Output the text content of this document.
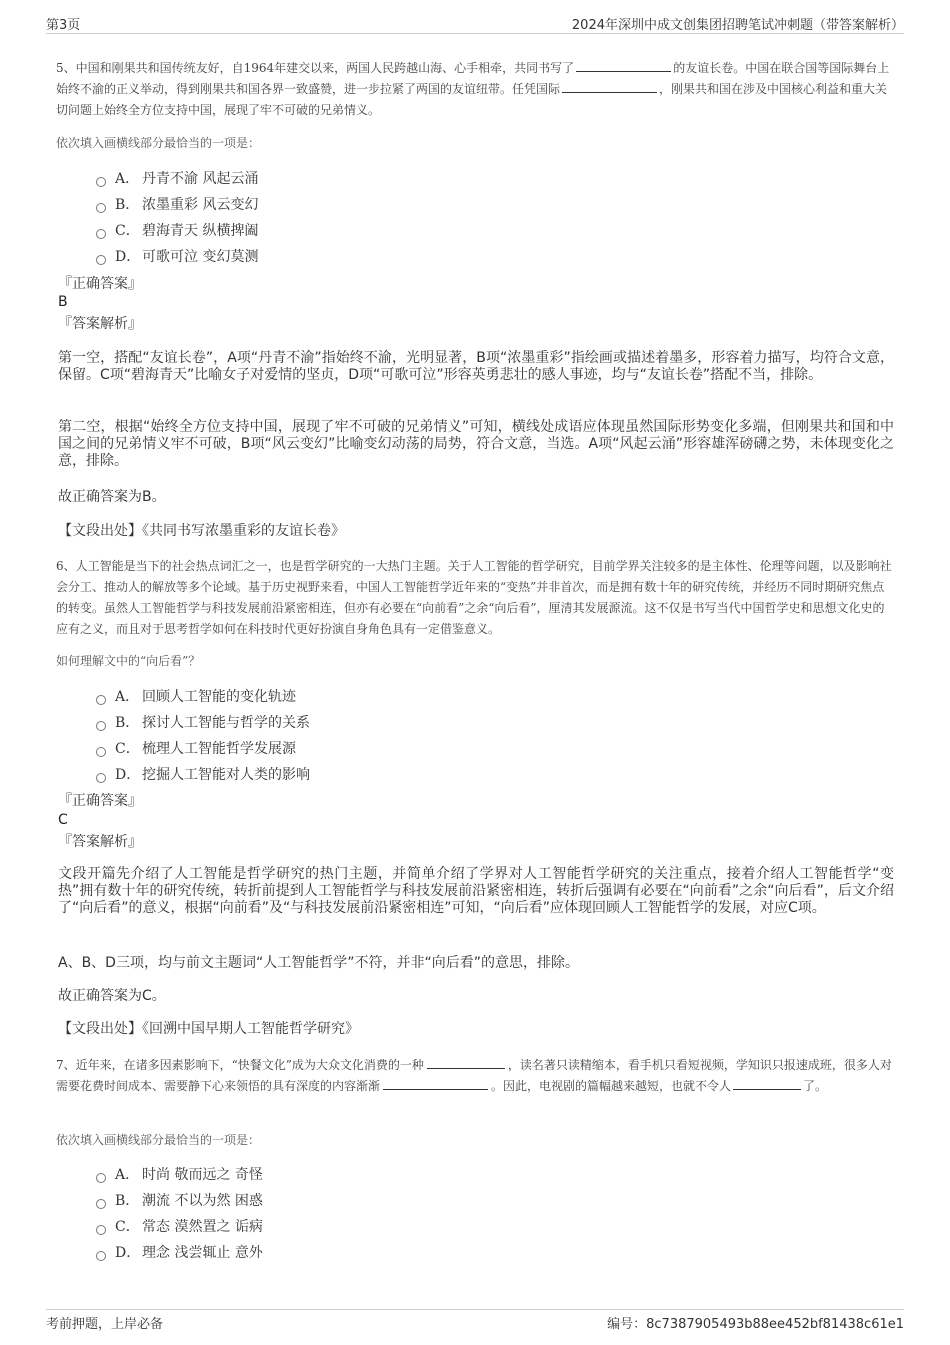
第3页	2024年深圳中成文创集团招聘笔试冲刺题（带答案解析）
5、中国和刚果共和国传统友好，自1964年建交以来，两国人民跨越山海、心手相牵，共同书写了	的友谊长卷。中国在联合国等国际舞台上始终不渝的正义举动，得到刚果共和国各界一致盛赞，进一步拉紧了两国的友谊纽带。任凭国际	，刚果共和国在涉及中国核心利益和重大关切问题上始终全方位支持中国，展现了牢不可破的兄弟情义。
依次填入画横线部分最恰当的一项是：
A． 丹青不渝 风起云涌
B． 浓墨重彩 风云变幻
C． 碧海青天 纵横捭阖
D． 可歌可泣 变幻莫测
『正确答案』
B
『答案解析』
第一空，搭配“友谊长卷”，A项“丹青不渝”指始终不渝，光明显著，B项“浓墨重彩”指绘画或描述着墨多，形容着力描写，均符合文意，保留。C项“碧海青天”比喻女子对爱情的坚贞，D项“可歌可泣”形容英勇悲壮的感人事迹，均与“友谊长卷”搭配不当，排除。
第二空，根据“始终全方位支持中国，展现了牢不可破的兄弟情义”可知，横线处成语应体现虽然国际形势变化多端，但刚果共和国和中国之间的兄弟情义牢不可破，B项“风云变幻”比喻变幻动荡的局势，符合文意，当选。A项“风起云涌”形容雄浑磅礴之势，未体现变化之意，排除。
故正确答案为B。
【文段出处】《共同书写浓墨重彩的友谊长卷》
6、人工智能是当下的社会热点词汇之一，也是哲学研究的一大热门主题。关于人工智能的哲学研究，目前学界关注较多的是主体性、伦理等问题，以及影响社会分工、推动人的解放等多个论域。基于历史视野来看，中国人工智能哲学近年来的“变热”并非首次，而是拥有数十年的研究传统，并经历不同时期研究焦点的转变。虽然人工智能哲学与科技发展前沿紧密相连，但亦有必要在“向前看”之余“向后看”，厘清其发展源流。这不仅是书写当代中国哲学史和思想文化史的应有之义，而且对于思考哲学如何在科技时代更好扮演自身角色具有一定借鉴意义。
如何理解文中的“向后看”？
A． 回顾人工智能的变化轨迹
B． 探讨人工智能与哲学的关系
C． 梳理人工智能哲学发展源
D． 挖掘人工智能对人类的影响
『正确答案』
C
『答案解析』
文段开篇先介绍了人工智能是哲学研究的热门主题，并简单介绍了学界对人工智能哲学研究的关注重点，接着介绍人工智能哲学“变热”拥有数十年的研究传统，转折前提到人工智能哲学与科技发展前沿紧密相连，转折后强调有必要在“向前看”之余“向后看”，后文介绍了“向后看”的意义，根据“向前看”及“与科技发展前沿紧密相连”可知，“向后看”应体现回顾人工智能哲学的发展，对应C项。
A、B、D三项，均与前文主题词“人工智能哲学”不符，并非“向后看”的意思，排除。
故正确答案为C。
【文段出处】《回溯中国早期人工智能哲学研究》
7、近年来，在诸多因素影响下，“快餐文化”成为大众文化消费的一种	，读名著只读精缩本，看手机只看短视频，学知识只报速成班，很多人对需要花费时间成本、需要静下心来领悟的具有深度的内容渐渐	。因此，电视剧的篇幅越来越短，也就不令人	了。
依次填入画横线部分最恰当的一项是：
A． 时尚 敬而远之 奇怪
B． 潮流 不以为然 困惑
C． 常态 漠然置之 诟病
D． 理念 浅尝辄止 意外
考前押题，上岸必备	编号：8c7387905493b88ee452bf81438c61e1
